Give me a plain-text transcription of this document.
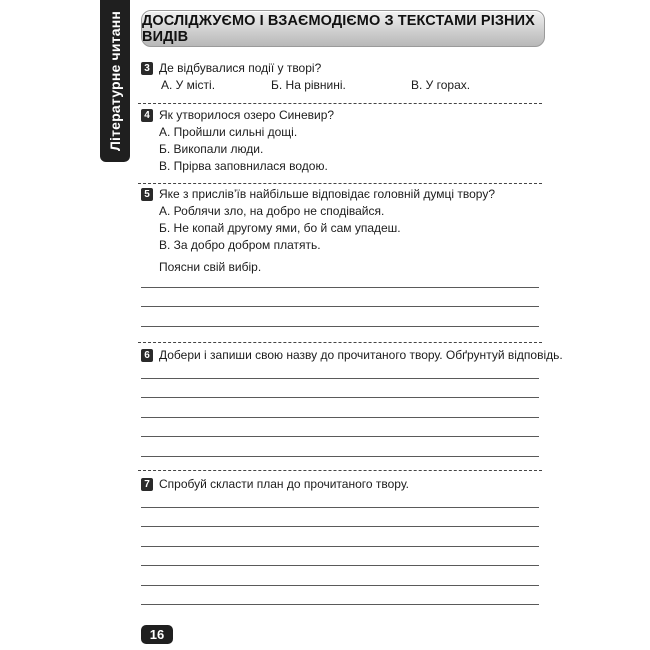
Літературне читанн ДОСЛІДЖУЄМО І ВЗАЄМОДІЄМО З ТЕКСТАМИ РІЗНИХ ВИДІВ
3 Де відбувалися події у творі?
А. У місті.	Б. На рівнині.	В. У горах.
4 Як утворилося озеро Синевир?
А. Пройшли сильні дощі.
Б. Викопали люди.
В. Прірва заповнилася водою.
5 Яке з прислів’їв найбільше відповідає головній думці твору?
А. Роблячи зло, на добро не сподівайся.
Б. Не копай другому ями, бо й сам упадеш.
В. За добро добром платять.
Поясни свій вибір.
6 Добери і запиши свою назву до прочитаного твору. Обґрунтуй відповідь.
7 Спробуй скласти план до прочитаного твору.
16
